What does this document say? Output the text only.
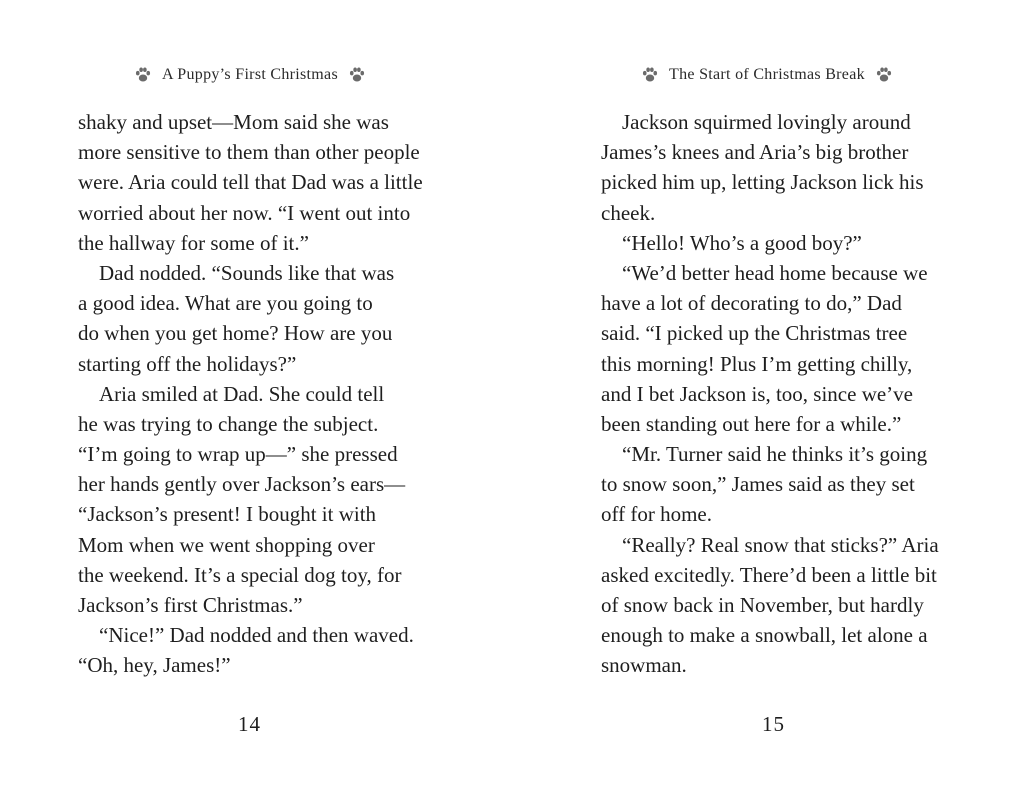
A Puppy’s First Christmas
shaky and upset—Mom said she was
more sensitive to them than other people
were. Aria could tell that Dad was a little
worried about her now. “I went out into
the hallway for some of it.”
Dad nodded. “Sounds like that was
a good idea. What are you going to
do when you get home? How are you
starting off the holidays?”
Aria smiled at Dad. She could tell
he was trying to change the subject.
“I’m going to wrap up—” she pressed
her hands gently over Jackson’s ears—
“Jackson’s present! I bought it with
Mom when we went shopping over
the weekend. It’s a special dog toy, for
Jackson’s first Christmas.”
“Nice!” Dad nodded and then waved.
“Oh, hey, James!”
14
The Start of Christmas Break
Jackson squirmed lovingly around
James’s knees and Aria’s big brother
picked him up, letting Jackson lick his
cheek.
“Hello! Who’s a good boy?”
“We’d better head home because we
have a lot of decorating to do,” Dad
said. “I picked up the Christmas tree
this morning! Plus I’m getting chilly,
and I bet Jackson is, too, since we’ve
been standing out here for a while.”
“Mr. Turner said he thinks it’s going
to snow soon,” James said as they set
off for home.
“Really? Real snow that sticks?” Aria
asked excitedly. There’d been a little bit
of snow back in November, but hardly
enough to make a snowball, let alone a
snowman.
15
